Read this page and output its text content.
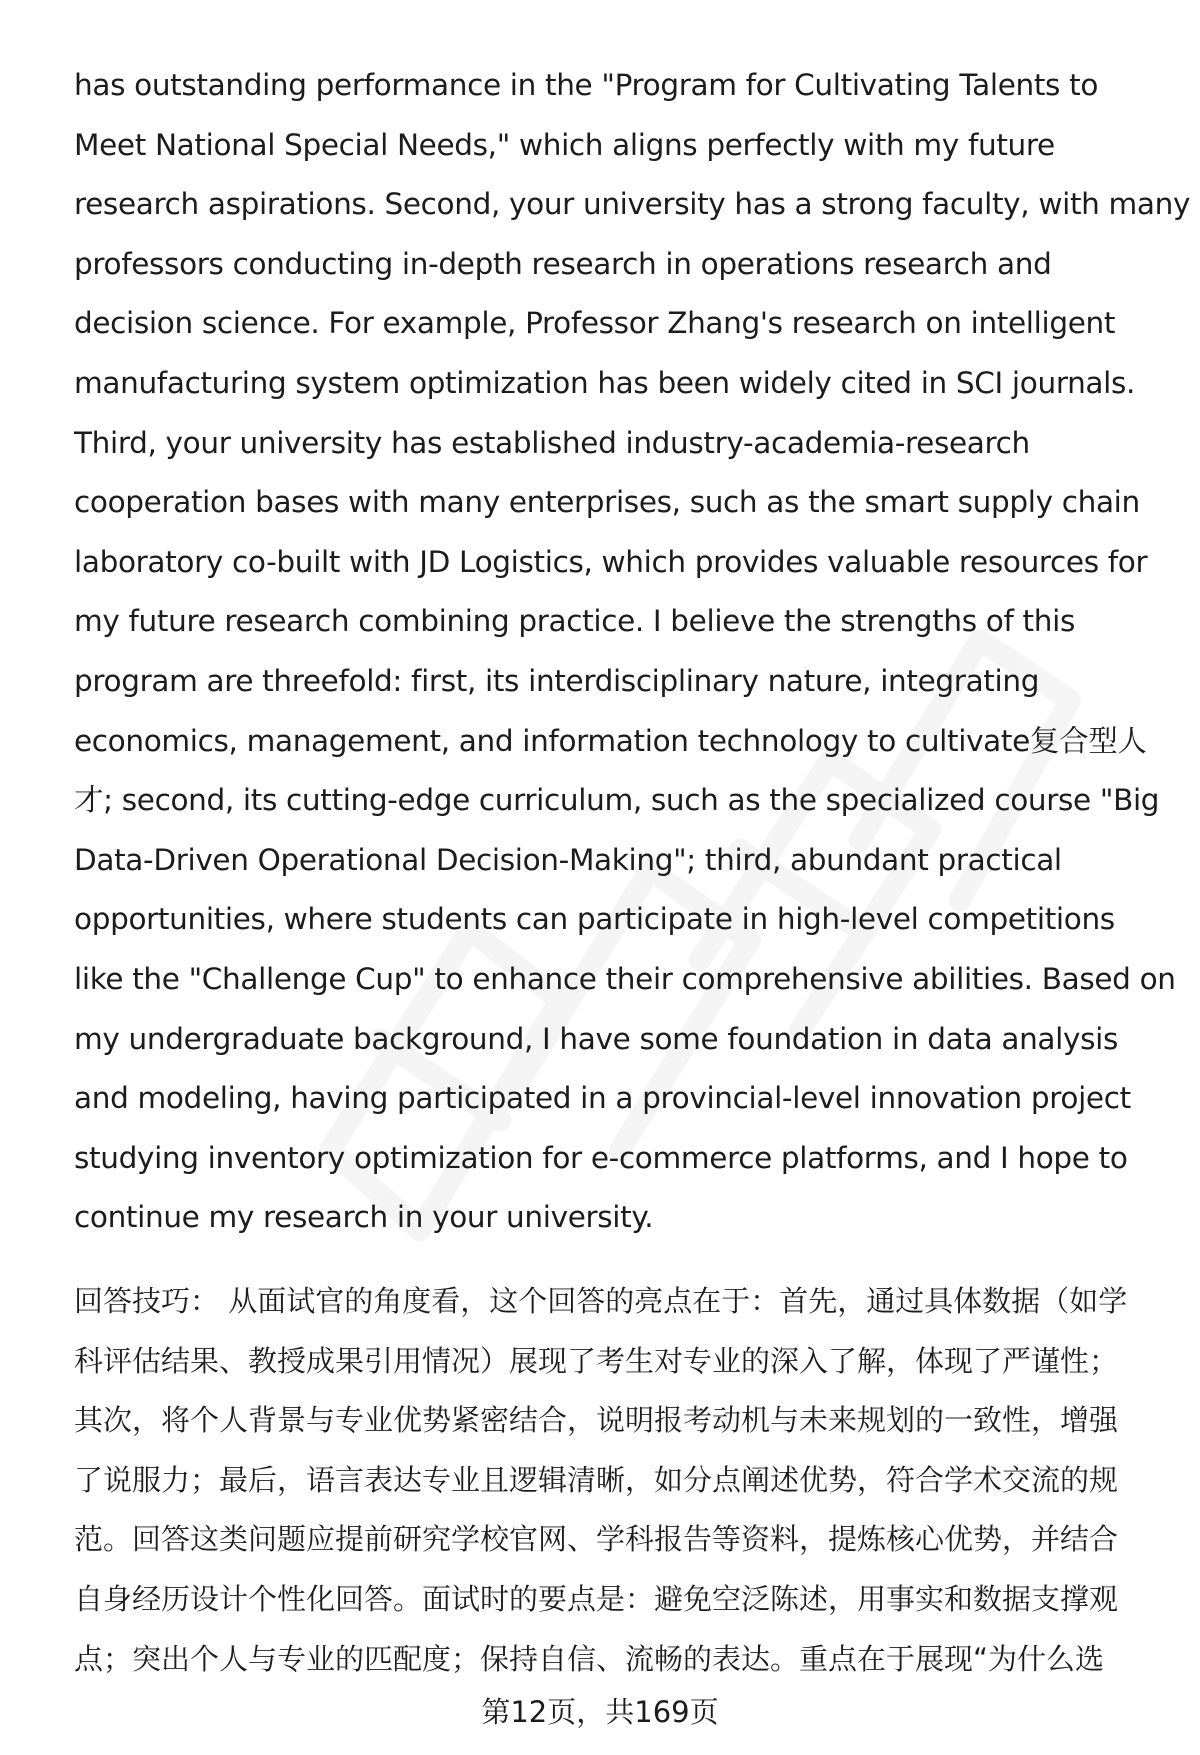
has outstanding performance in the "Program for Cultivating Talents to
Meet National Special Needs," which aligns perfectly with my future
research aspirations. Second, your university has a strong faculty, with many
professors conducting in-depth research in operations research and
decision science. For example, Professor Zhang's research on intelligent
manufacturing system optimization has been widely cited in SCI journals.
Third, your university has established industry-academia-research
cooperation bases with many enterprises, such as the smart supply chain
laboratory co-built with JD Logistics, which provides valuable resources for
my future research combining practice. I believe the strengths of this
program are threefold: first, its interdisciplinary nature, integrating
economics, management, and information technology to cultivate复合型人
才; second, its cutting-edge curriculum, such as the specialized course "Big
Data-Driven Operational Decision-Making"; third, abundant practical
opportunities, where students can participate in high-level competitions
like the "Challenge Cup" to enhance their comprehensive abilities. Based on
my undergraduate background, I have some foundation in data analysis
and modeling, having participated in a provincial-level innovation project
studying inventory optimization for e-commerce platforms, and I hope to
continue my research in your university.
回答技巧： 从面试官的角度看，这个回答的亮点在于：首先，通过具体数据（如学
科评估结果、教授成果引用情况）展现了考生对专业的深入了解，体现了严谨性；
其次，将个人背景与专业优势紧密结合，说明报考动机与未来规划的一致性，增强
了说服力；最后，语言表达专业且逻辑清晰，如分点阐述优势，符合学术交流的规
范。回答这类问题应提前研究学校官网、学科报告等资料，提炼核心优势，并结合
自身经历设计个性化回答。面试时的要点是：避免空泛陈述，用事实和数据支撑观
点；突出个人与专业的匹配度；保持自信、流畅的表达。重点在于展现“为什么选
第12页，共169页
